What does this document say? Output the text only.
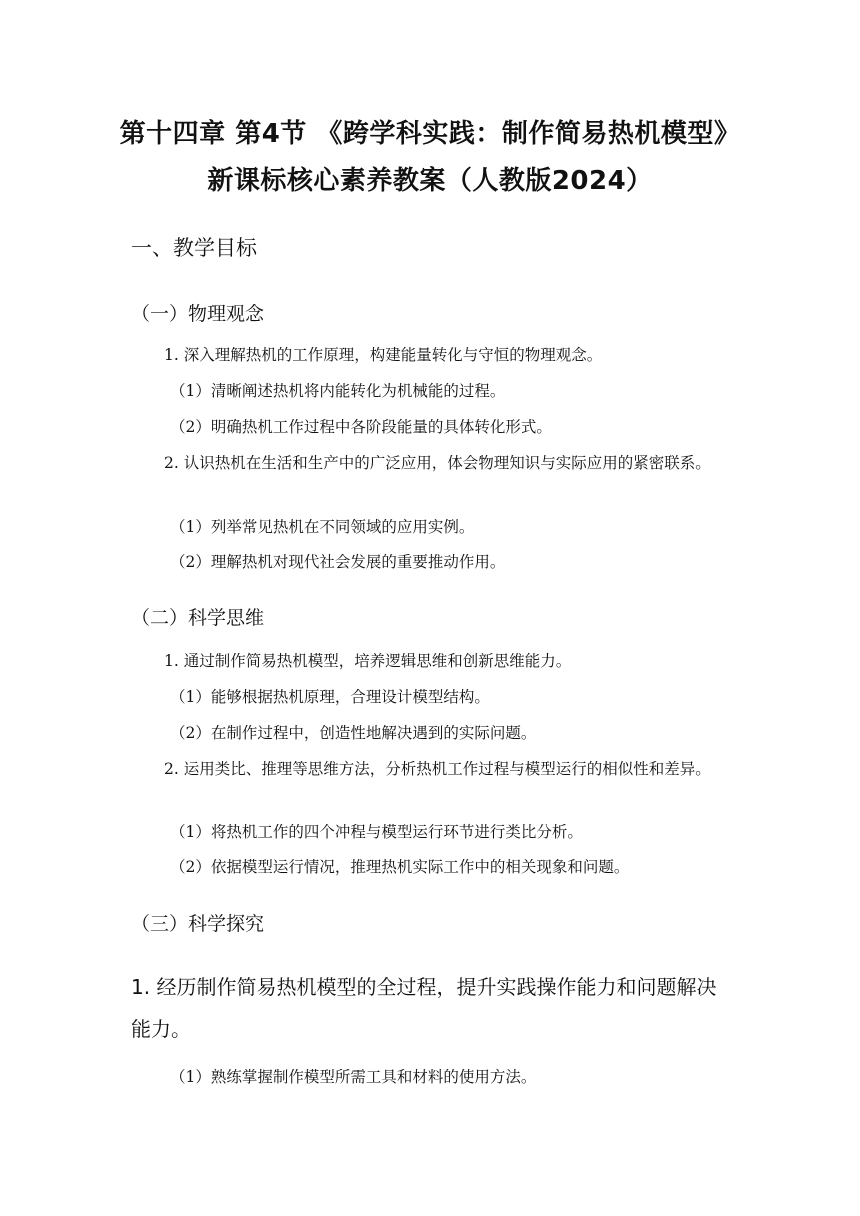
第十四章 第4节 《跨学科实践：制作简易热机模型》
新课标核心素养教案（人教版2024）
一、教学目标
（一）物理观念
1. 深入理解热机的工作原理，构建能量转化与守恒的物理观念。
（1）清晰阐述热机将内能转化为机械能的过程。
（2）明确热机工作过程中各阶段能量的具体转化形式。
2. 认识热机在生活和生产中的广泛应用，体会物理知识与实际应用的紧密联系。
（1）列举常见热机在不同领域的应用实例。
（2）理解热机对现代社会发展的重要推动作用。
（二）科学思维
1. 通过制作简易热机模型，培养逻辑思维和创新思维能力。
（1）能够根据热机原理，合理设计模型结构。
（2）在制作过程中，创造性地解决遇到的实际问题。
2. 运用类比、推理等思维方法，分析热机工作过程与模型运行的相似性和差异。
（1）将热机工作的四个冲程与模型运行环节进行类比分析。
（2）依据模型运行情况，推理热机实际工作中的相关现象和问题。
（三）科学探究
1. 经历制作简易热机模型的全过程，提升实践操作能力和问题解决能力。
（1）熟练掌握制作模型所需工具和材料的使用方法。
